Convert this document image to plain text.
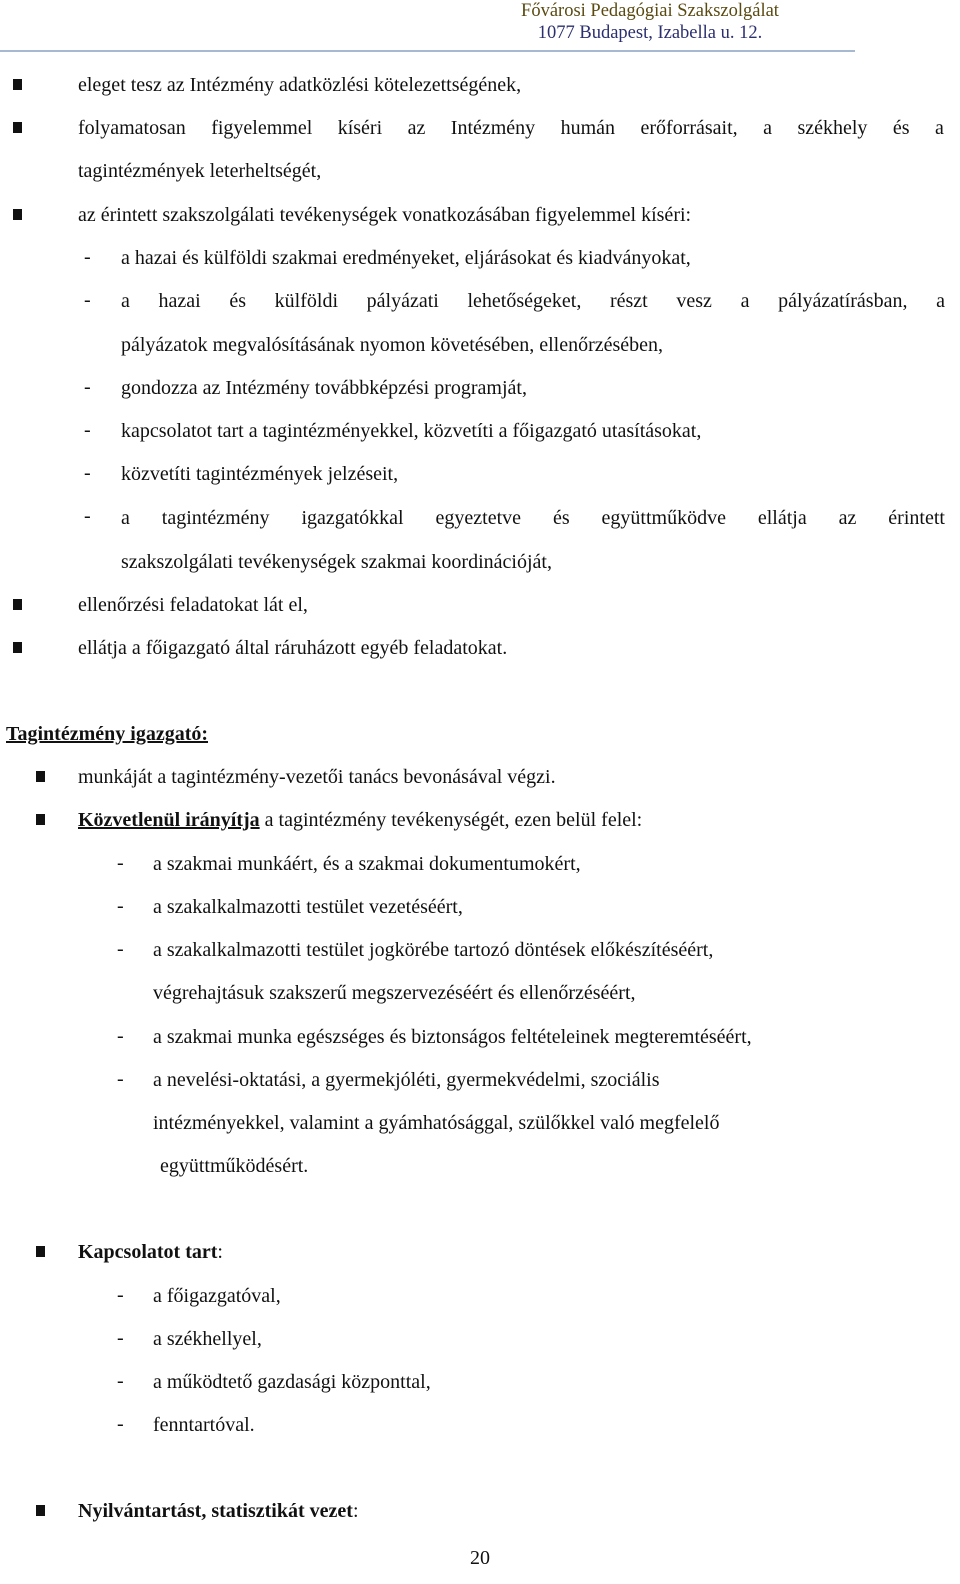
Fővárosi Pedagógiai Szakszolgálat
1077 Budapest, Izabella u. 12.
eleget tesz az Intézmény adatközlési kötelezettségének,
folyamatosan figyelemmel kíséri az Intézmény humán erőforrásait, a székhely és a
tagintézmények leterheltségét,
az érintett szakszolgálati tevékenységek vonatkozásában figyelemmel kíséri:
- a hazai és külföldi szakmai eredményeket, eljárásokat és kiadványokat,
- a hazai és külföldi pályázati lehetőségeket, részt vesz a pályázatírásban, a
pályázatok megvalósításának nyomon követésében, ellenőrzésében,
- gondozza az Intézmény továbbképzési programját,
- kapcsolatot tart a tagintézményekkel, közvetíti a főigazgató utasításokat,
- közvetíti tagintézmények jelzéseit,
- a tagintézmény igazgatókkal egyeztetve és együttműködve ellátja az érintett
szakszolgálati tevékenységek szakmai koordinációját,
ellenőrzési feladatokat lát el,
ellátja a főigazgató által ráruházott egyéb feladatokat.
Tagintézmény igazgató:
munkáját a tagintézmény-vezetői tanács bevonásával végzi.
Közvetlenül irányítja a tagintézmény tevékenységét, ezen belül felel:
- a szakmai munkáért, és a szakmai dokumentumokért,
- a szakalkalmazotti testület vezetéséért,
- a szakalkalmazotti testület jogkörébe tartozó döntések előkészítéséért,
végrehajtásuk szakszerű megszervezéséért és ellenőrzéséért,
- a szakmai munka egészséges és biztonságos feltételeinek megteremtéséért,
- a nevelési-oktatási, a gyermekjóléti, gyermekvédelmi, szociális
intézményekkel, valamint a gyámhatósággal, szülőkkel való megfelelő
együttműködésért.
Kapcsolatot tart:
- a főigazgatóval,
- a székhellyel,
- a működtető gazdasági központtal,
- fenntartóval.
Nyilvántartást, statisztikát vezet:
20
